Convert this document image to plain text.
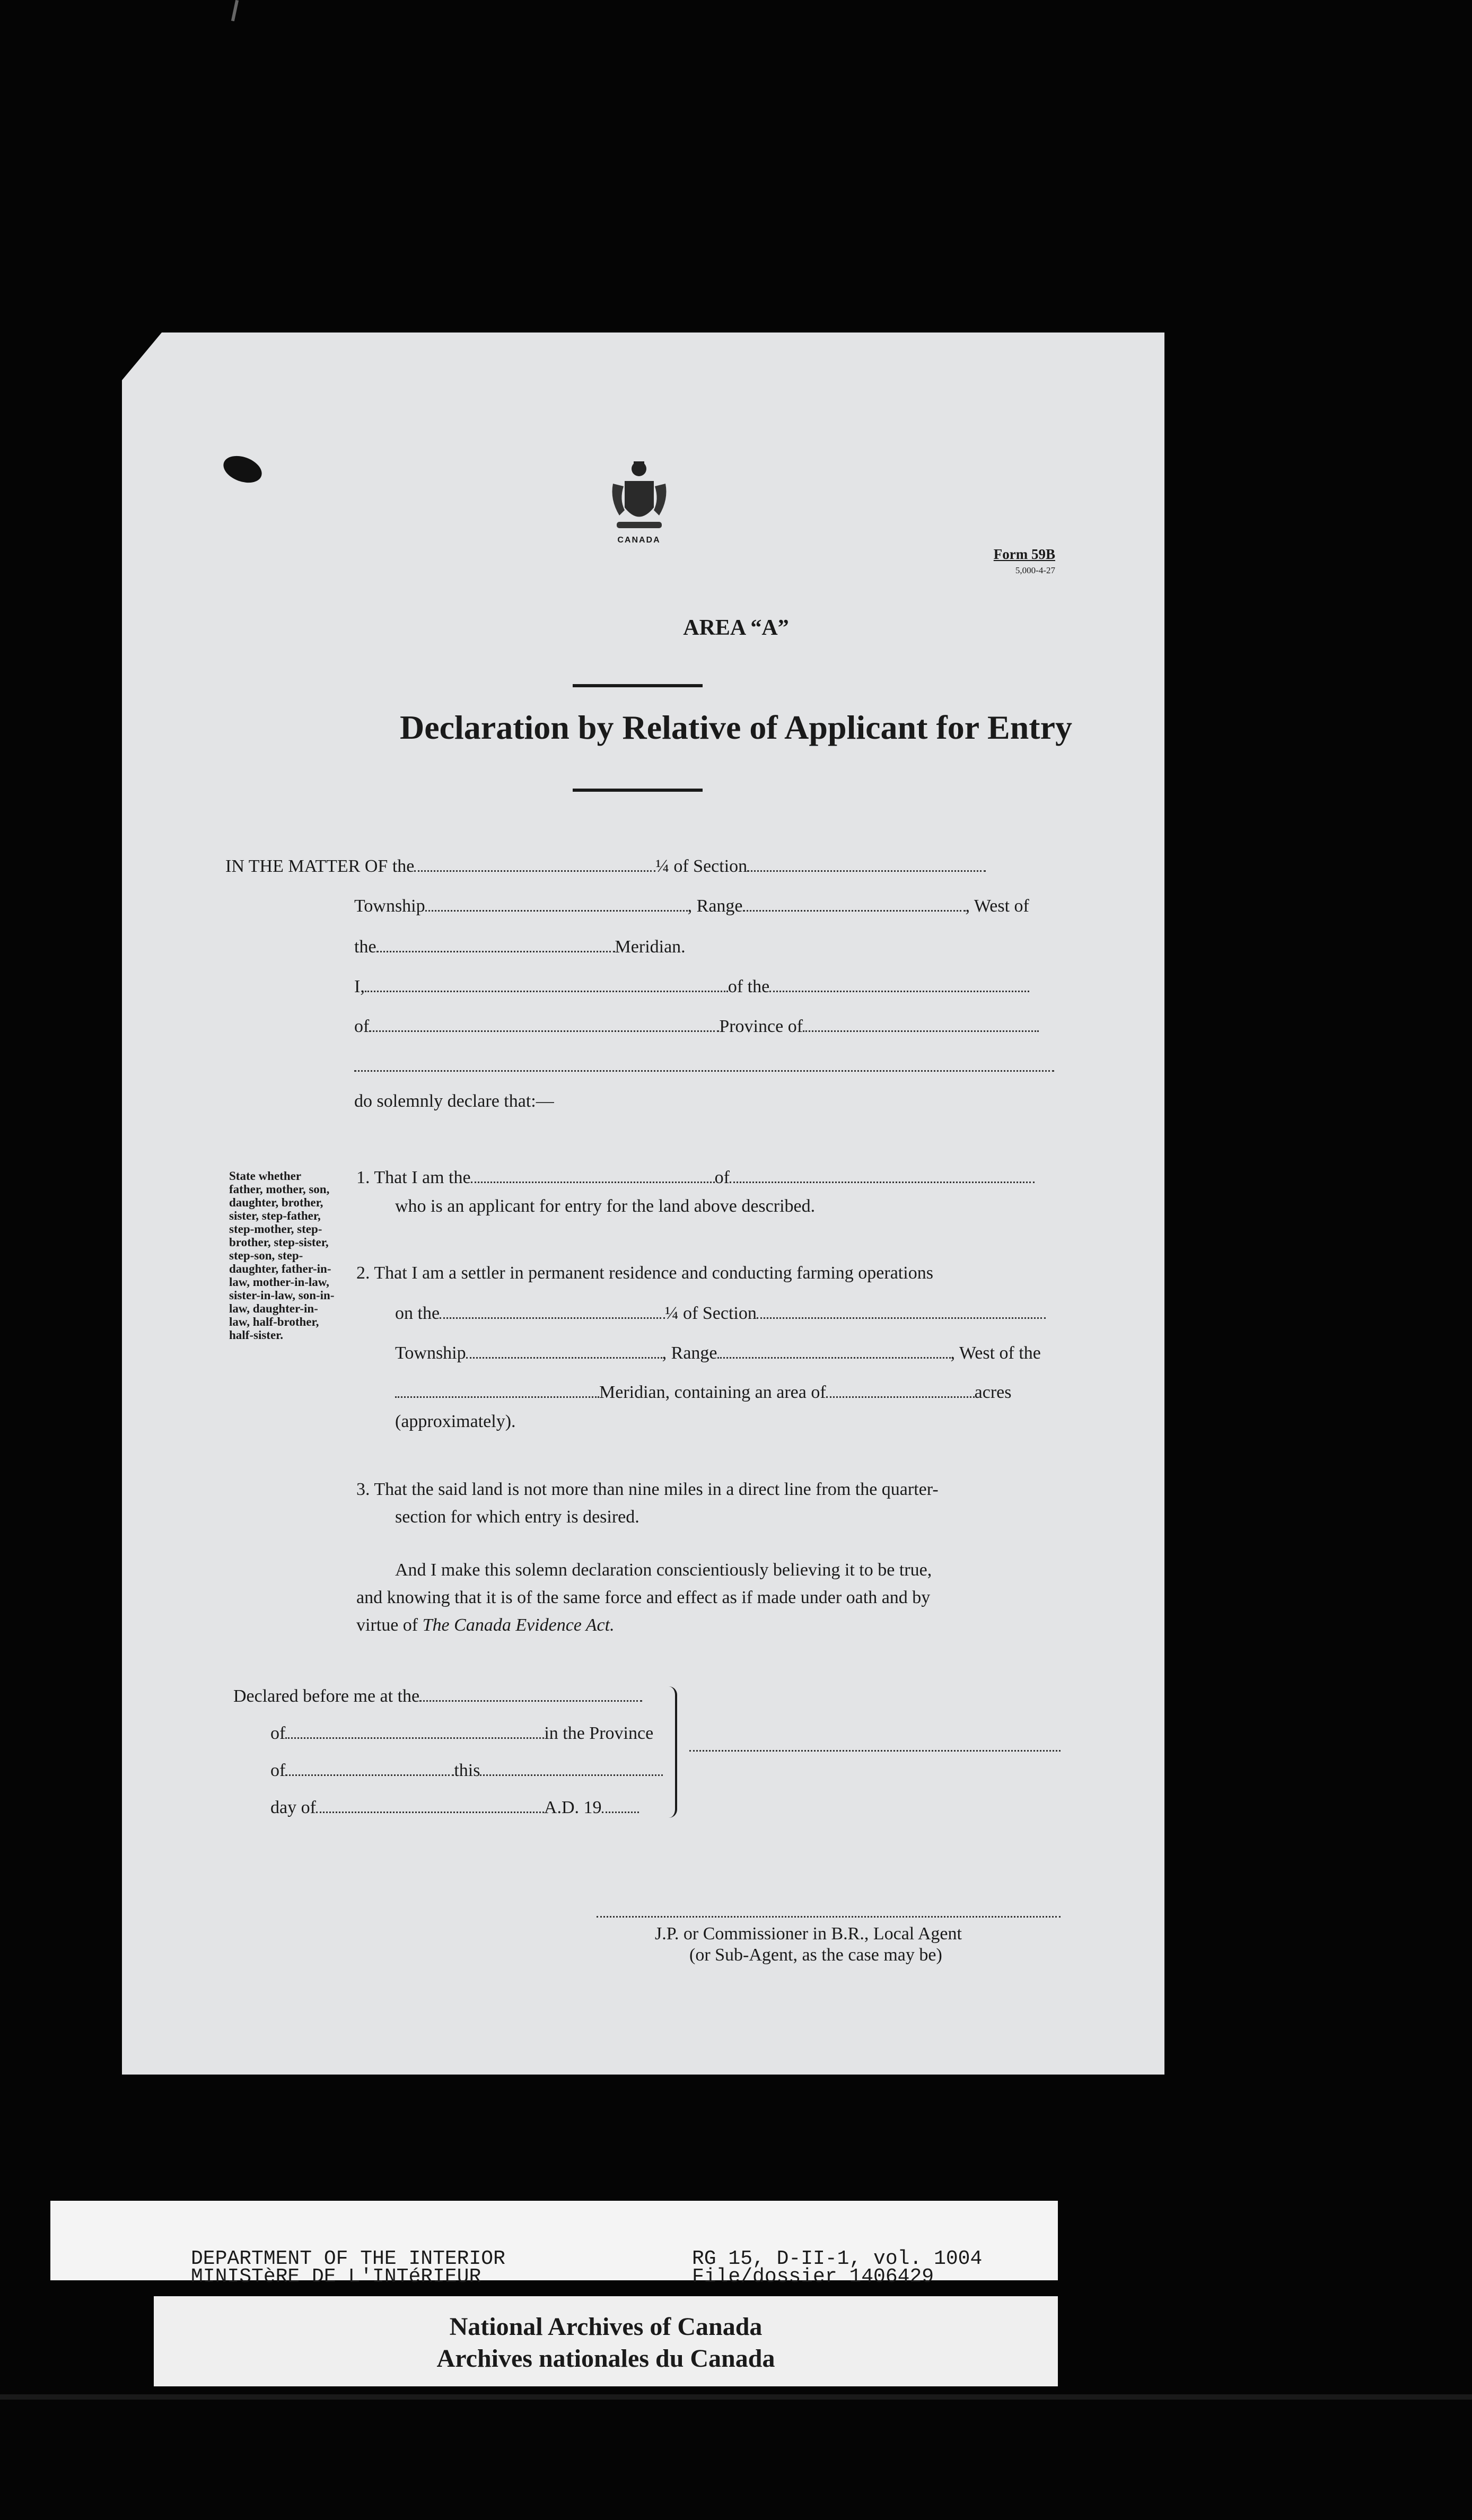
CANADA
Form 59B
5,000-4-27
AREA “A”
Declaration by Relative of Applicant for Entry
IN THE MATTER OF the	¼ of Section
Township	, Range	, West of
the	Meridian.
I,	of the
of	Province of
do solemnly declare that:—
State whether father, mother, son, daughter, brother, sister, step-father, step-mother, step-brother, step-sister, step-son, step-daughter, father-in-law, mother-in-law, sister-in-law, son-in-law, daughter-in-law, half-brother, half-sister.
1. That I am the	of
who is an applicant for entry for the land above described.
2. That I am a settler in permanent residence and conducting farming operations
on the	¼ of Section
Township	, Range	, West of the
Meridian, containing an area of	acres
(approximately).
3. That the said land is not more than nine miles in a direct line from the quarter-
section for which entry is desired.
And I make this solemn declaration conscientiously believing it to be true,
and knowing that it is of the same force and effect as if made under oath and by
virtue of The Canada Evidence Act.
Declared before me at the
of	in the Province
of	this
day of	A.D. 19
J.P. or Commissioner in B.R., Local Agent
(or Sub-Agent, as the case may be)
DEPARTMENT OF THE INTERIOR
MINISTèRE DE L'INTéRIEUR
RG 15, D-II-1, vol. 1004
File/dossier 1406429
National Archives of Canada
Archives nationales du Canada
